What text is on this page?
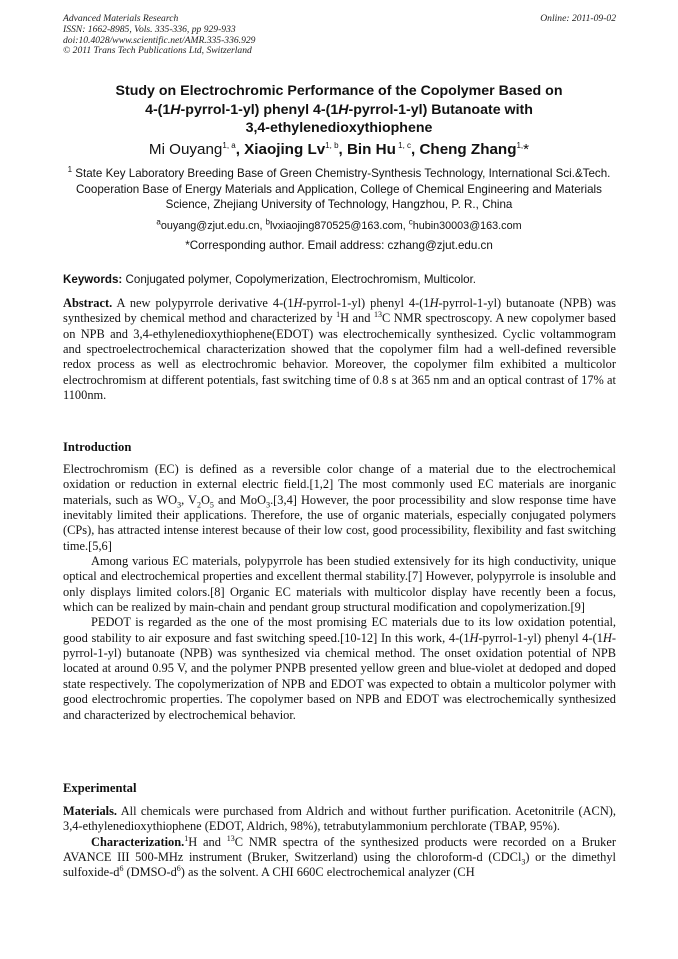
Advanced Materials Research
ISSN: 1662-8985, Vols. 335-336, pp 929-933
doi:10.4028/www.scientific.net/AMR.335-336.929
© 2011 Trans Tech Publications Ltd, Switzerland
Online: 2011-09-02
Study on Electrochromic Performance of the Copolymer Based on
4-(1H-pyrrol-1-yl) phenyl 4-(1H-pyrrol-1-yl) Butanoate with
3,4-ethylenedioxythiophene
Mi Ouyang$^{1, a}$, Xiaojing Lv$^{1, b}$, Bin Hu $^{1, c}$, Cheng Zhang$^{1,}$*
$^1$ State Key Laboratory Breeding Base of Green Chemistry-Synthesis Technology, International Sci.&Tech. Cooperation Base of Energy Materials and Application, College of Chemical Engineering and Materials Science, Zhejiang University of Technology, Hangzhou, P. R., China
$^a$ouyang@zjut.edu.cn, $^b$lvxiaojing870525@163.com, $^c$hubin30003@163.com
*Corresponding author. Email address: czhang@zjut.edu.cn
Keywords: Conjugated polymer, Copolymerization, Electrochromism, Multicolor.

Abstract. A new polypyrrole derivative 4-(1H-pyrrol-1-yl) phenyl 4-(1H-pyrrol-1-yl) butanoate (NPB) was synthesized by chemical method and characterized by $^1$H and $^{13}$C NMR spectroscopy. A new copolymer based on NPB and 3,4-ethylenedioxythiophene(EDOT) was electrochemically synthesized. Cyclic voltammogram and spectroelectrochemical characterization showed that the copolymer film had a well-defined reversible redox process as well as electrochromic behavior. Moreover, the copolymer film exhibited a multicolor electrochromism at different potentials, fast switching time of 0.8 s at 365 nm and an optical contrast of 17% at 1100nm.

Introduction

Electrochromism (EC) is defined as a reversible color change of a material due to the electrochemical oxidation or reduction in external electric field.[1,2] The most commonly used EC materials are inorganic materials, such as $WO_3$, $V_2O_5$ and MoO$_3$.[3,4] However, the poor processibility and slow response time have inevitably limited their applications. Therefore, the use of organic materials, especially conjugated polymers (CPs), has attracted intense interest because of their low cost, good processibility, flexibility and fast switching time.[5,6]

Among various EC materials, polypyrrole has been studied extensively for its high conductivity, unique optical and electrochemical properties and excellent thermal stability.[7] However, polypyrrole is insoluble and only displays limited colors.[8] Organic EC materials with multicolor display have recently been a focus, which can be realized by main-chain and pendant group structural modification and copolymerization.[9]

PEDOT is regarded as the one of the most promising EC materials due to its low oxidation potential, good stability to air exposure and fast switching speed.[10-12] In this work, 4-(1H-pyrrol-1-yl) phenyl 4-(1H-pyrrol-1-yl) butanoate (NPB) was synthesized via chemical method. The onset oxidation potential of NPB located at around 0.95 V, and the polymer PNPB presented yellow green and blue-violet at dedoped and doped state respectively. The copolymerization of NPB and EDOT was expected to obtain a multicolor polymer with good electrochromic properties. The copolymer based on NPB and EDOT was electrochemically synthesized and characterized by electrochemical behavior.

Experimental

Materials. All chemicals were purchased from Aldrich and without further purification. Acetonitrile (ACN), 3,4-ethylenedioxythiophene (EDOT, Aldrich, 98%), tetrabutylammonium perchlorate (TBAP, 95%).

Characterization.$^1$H and $^{13}$C NMR spectra of the synthesized products were recorded on a Bruker AVANCE III 500-MHz instrument (Bruker, Switzerland) using the chloroform-d (CDCl$_3$) or the dimethyl sulfoxide-$d^6$ $(DMSO-d^6)$ as the solvent. A CHI 660C electrochemical analyzer (CH
